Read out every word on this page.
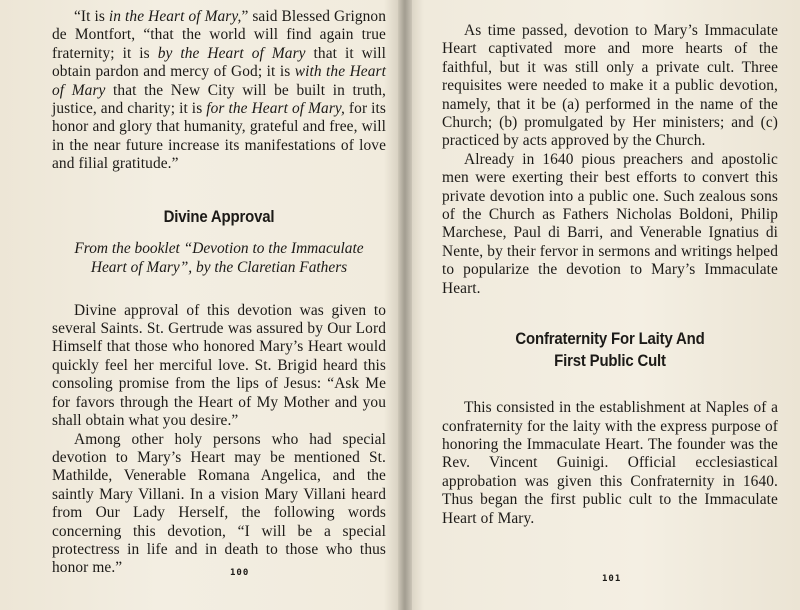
“It is in the Heart of Mary,” said Blessed Grignon de Montfort, “that the world will find again true fraternity; it is by the Heart of Mary that it will obtain pardon and mercy of God; it is with the Heart of Mary that the New City will be built in truth, justice, and charity; it is for the Heart of Mary, for its honor and glory that humanity, grateful and free, will in the near future increase its manifestations of love and filial gratitude.”

Divine Approval

From the booklet “Devotion to the Immaculate Heart of Mary”, by the Claretian Fathers

Divine approval of this devotion was given to several Saints. St. Gertrude was assured by Our Lord Himself that those who honored Mary’s Heart would quickly feel her merciful love. St. Brigid heard this consoling promise from the lips of Jesus: “Ask Me for favors through the Heart of My Mother and you shall obtain what you desire.”

Among other holy persons who had special devotion to Mary’s Heart may be mentioned St. Mathilde, Venerable Romana Angelica, and the saintly Mary Villani. In a vision Mary Villani heard from Our Lady Herself, the following words concerning this devotion, “I will be a special protectress in life and in death to those who thus honor me.”	100

As time passed, devotion to Mary’s Immaculate Heart captivated more and more hearts of the faithful, but it was still only a private cult. Three requisites were needed to make it a public devotion, namely, that it be (a) performed in the name of the Church; (b) promulgated by Her ministers; and (c) practiced by acts approved by the Church.

Already in 1640 pious preachers and apostolic men were exerting their best efforts to convert this private devotion into a public one. Such zealous sons of the Church as Fathers Nicholas Boldoni, Philip Marchese, Paul di Barri, and Venerable Ignatius di Nente, by their fervor in sermons and writings helped to popularize the devotion to Mary’s Immaculate Heart.

Confraternity For Laity And
First Public Cult

This consisted in the establishment at Naples of a confraternity for the laity with the express purpose of honoring the Immaculate Heart. The founder was the Rev. Vincent Guinigi. Official ecclesiastical approbation was given this Confraternity in 1640. Thus began the first public cult to the Immaculate Heart of Mary.

101
